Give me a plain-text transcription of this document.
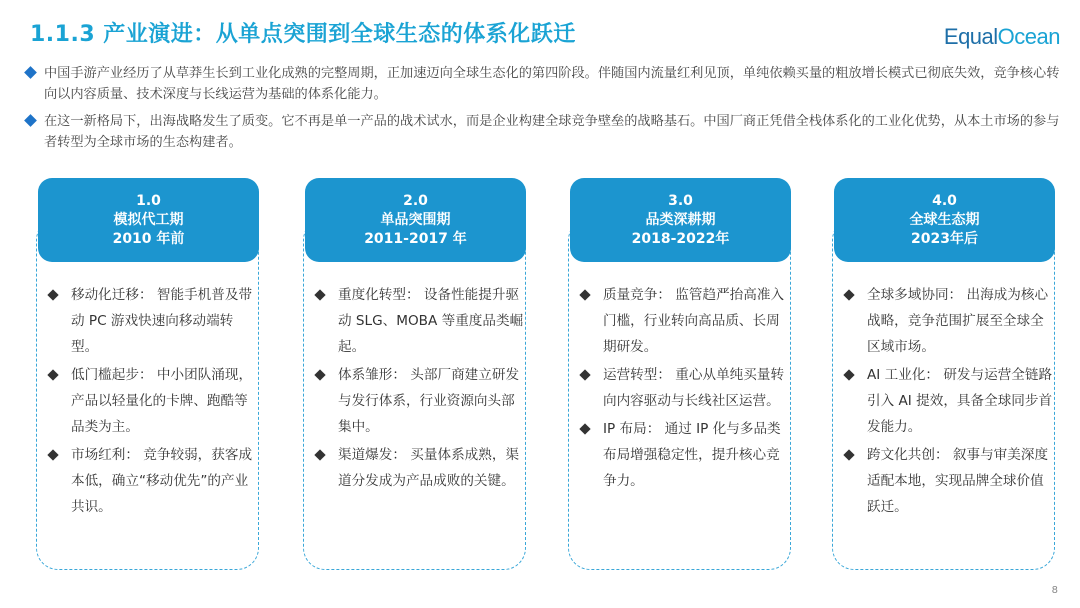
1.1.3 产业演进：从单点突围到全球生态的体系化跃迁	EqualOcean
中国手游产业经历了从草莽生长到工业化成熟的完整周期，正加速迈向全球生态化的第四阶段。伴随国内流量红利见顶，单纯依赖买量的粗放增长模式已彻底失效，竞争核心转向以内容质量、技术深度与长线运营为基础的体系化能力。
在这一新格局下，出海战略发生了质变。它不再是单一产品的战术试水，而是企业构建全球竞争壁垒的战略基石。中国厂商正凭借全栈体系化的工业化优势，从本土市场的参与者转型为全球市场的生态构建者。
1.0
模拟代工期
2010 年前
移动化迁移： 智能手机普及带动 PC 游戏快速向移动端转型。
低门槛起步： 中小团队涌现，产品以轻量化的卡牌、跑酷等品类为主。
市场红利： 竞争较弱，获客成本低，确立“移动优先”的产业共识。
2.0
单品突围期
2011-2017 年
重度化转型： 设备性能提升驱动 SLG、MOBA 等重度品类崛起。
体系雏形： 头部厂商建立研发与发行体系，行业资源向头部集中。
渠道爆发： 买量体系成熟，渠道分发成为产品成败的关键。
3.0
品类深耕期
2018-2022年
质量竞争： 监管趋严抬高准入门槛，行业转向高品质、长周期研发。
运营转型： 重心从单纯买量转向内容驱动与长线社区运营。
IP 布局： 通过 IP 化与多品类布局增强稳定性，提升核心竞争力。
4.0
全球生态期
2023年后
全球多域协同： 出海成为核心战略，竞争范围扩展至全球全区域市场。
AI 工业化： 研发与运营全链路引入 AI 提效，具备全球同步首发能力。
跨文化共创： 叙事与审美深度适配本地，实现品牌全球价值跃迁。
8
